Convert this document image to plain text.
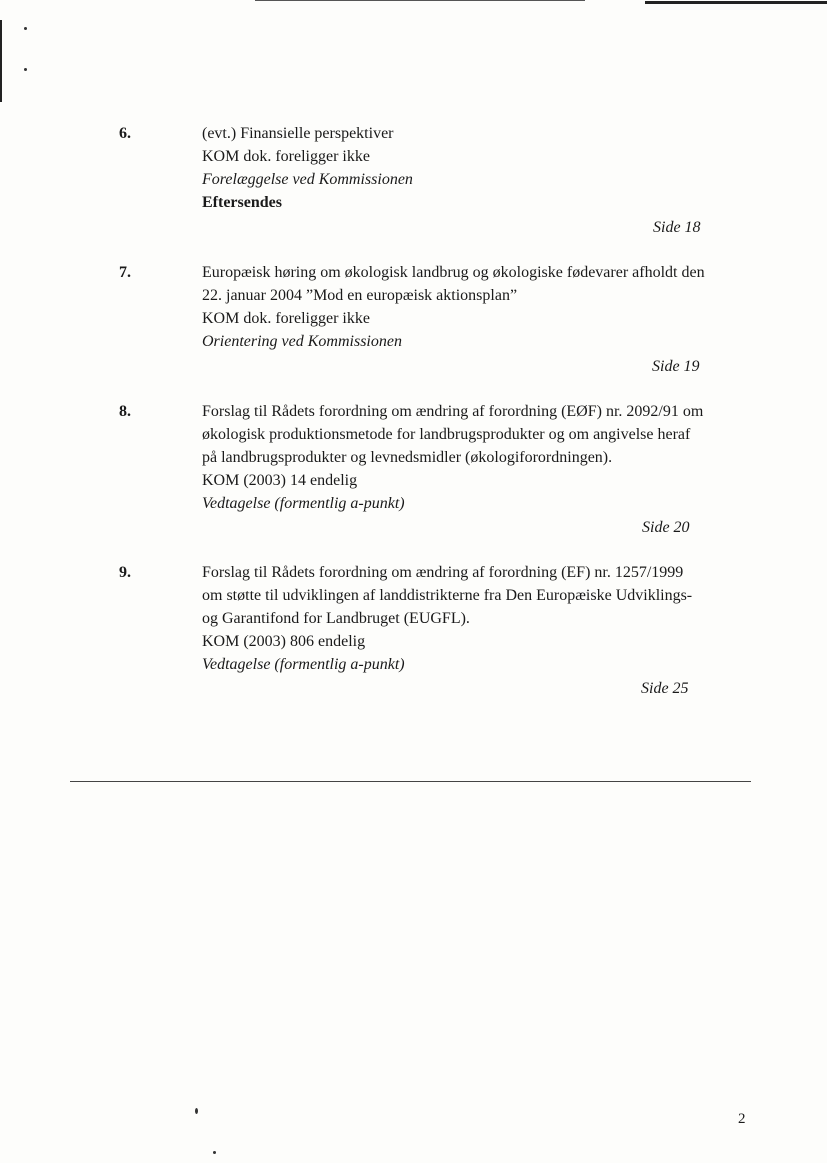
6.	(evt.) Finansielle perspektiver
KOM dok. foreligger ikke
Forelæggelse ved Kommissionen
Eftersendes
Side 18
7.	Europæisk høring om økologisk landbrug og økologiske fødevarer afholdt den
22. januar 2004 ”Mod en europæisk aktionsplan”
KOM dok. foreligger ikke
Orientering ved Kommissionen
Side 19
8.	Forslag til Rådets forordning om ændring af forordning (EØF) nr. 2092/91 om
økologisk produktionsmetode for landbrugsprodukter og om angivelse heraf
på landbrugsprodukter og levnedsmidler (økologiforordningen).
KOM (2003) 14 endelig
Vedtagelse (formentlig a-punkt)
Side 20
9.	Forslag til Rådets forordning om ændring af forordning (EF) nr. 1257/1999
om støtte til udviklingen af landdistrikterne fra Den Europæiske Udviklings-
og Garantifond for Landbruget (EUGFL).
KOM (2003) 806 endelig
Vedtagelse (formentlig a-punkt)
Side 25
2
